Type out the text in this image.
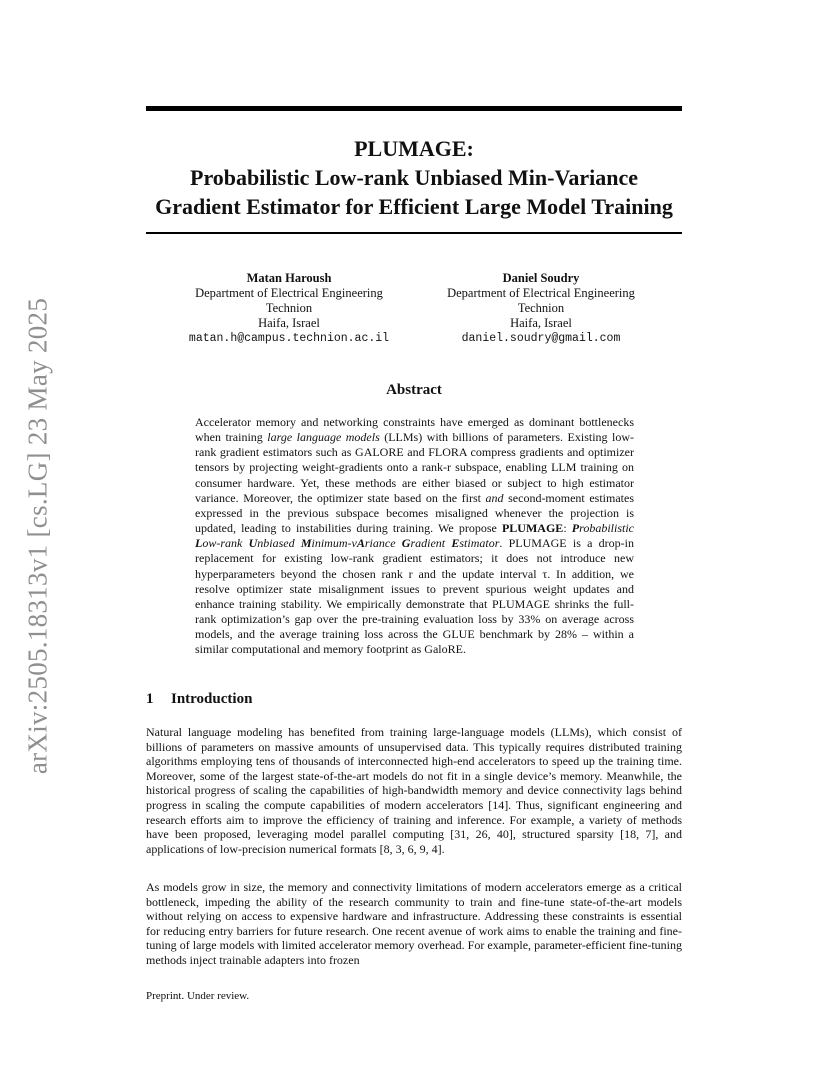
arXiv:2505.18313v1 [cs.LG] 23 May 2025
PLUMAGE:
Probabilistic Low-rank Unbiased Min-Variance
Gradient Estimator for Efficient Large Model Training
Matan Haroush
Department of Electrical Engineering
Technion
Haifa, Israel
matan.h@campus.technion.ac.il
Daniel Soudry
Department of Electrical Engineering
Technion
Haifa, Israel
daniel.soudry@gmail.com
Abstract
Accelerator memory and networking constraints have emerged as dominant bottlenecks when training large language models (LLMs) with billions of parameters. Existing low-rank gradient estimators such as GALORE and FLORA compress gradients and optimizer tensors by projecting weight-gradients onto a rank-r subspace, enabling LLM training on consumer hardware. Yet, these methods are either biased or subject to high estimator variance. Moreover, the optimizer state based on the first and second-moment estimates expressed in the previous subspace becomes misaligned whenever the projection is updated, leading to instabilities during training. We propose PLUMAGE: Probabilistic Low-rank Unbiased Minimum-vAriance Gradient Estimator. PLUMAGE is a drop-in replacement for existing low-rank gradient estimators; it does not introduce new hyperparameters beyond the chosen rank r and the update interval τ. In addition, we resolve optimizer state misalignment issues to prevent spurious weight updates and enhance training stability. We empirically demonstrate that PLUMAGE shrinks the full-rank optimization’s gap over the pre-training evaluation loss by 33% on average across models, and the average training loss across the GLUE benchmark by 28% – within a similar computational and memory footprint as GaloRE.
1 Introduction

Natural language modeling has benefited from training large-language models (LLMs), which consist of billions of parameters on massive amounts of unsupervised data. This typically requires distributed training algorithms employing tens of thousands of interconnected high-end accelerators to speed up the training time. Moreover, some of the largest state-of-the-art models do not fit in a single device’s memory. Meanwhile, the historical progress of scaling the capabilities of high-bandwidth memory and device connectivity lags behind progress in scaling the compute capabilities of modern accelerators [14]. Thus, significant engineering and research efforts aim to improve the efficiency of training and inference. For example, a variety of methods have been proposed, leveraging model parallel computing [31, 26, 40], structured sparsity [18, 7], and applications of low-precision numerical formats [8, 3, 6, 9, 4].

As models grow in size, the memory and connectivity limitations of modern accelerators emerge as a critical bottleneck, impeding the ability of the research community to train and fine-tune state-of-the-art models without relying on access to expensive hardware and infrastructure. Addressing these constraints is essential for reducing entry barriers for future research. One recent avenue of work aims to enable the training and fine-tuning of large models with limited accelerator memory overhead. For example, parameter-efficient fine-tuning methods inject trainable adapters into frozen

Preprint. Under review.
